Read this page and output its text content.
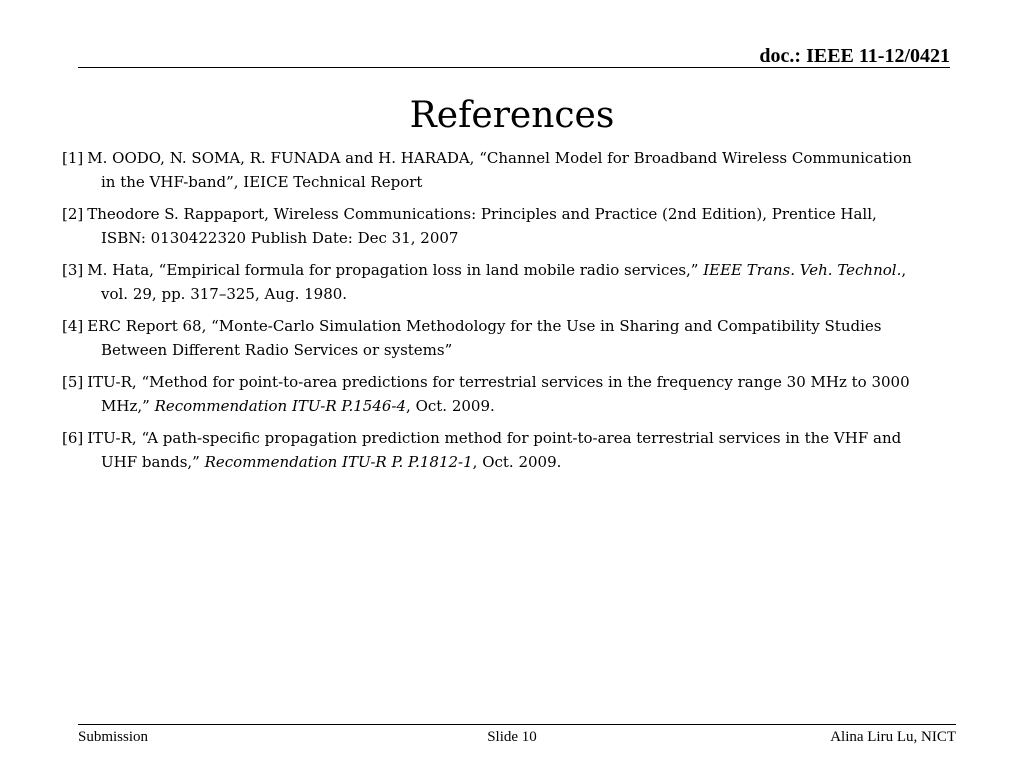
doc.: IEEE 11-12/0421
References
[1] M. OODO, N. SOMA, R. FUNADA and H. HARADA, “Channel Model for Broadband Wireless Communication in the VHF-band”, IEICE Technical Report
[2] Theodore S. Rappaport, Wireless Communications: Principles and Practice (2nd Edition), Prentice Hall, ISBN: 0130422320 Publish Date: Dec 31, 2007
[3] M. Hata, “Empirical formula for propagation loss in land mobile radio services,” IEEE Trans. Veh. Technol., vol. 29, pp. 317–325, Aug. 1980.
[4] ERC Report 68, “Monte-Carlo Simulation Methodology for the Use in Sharing and Compatibility Studies Between Different Radio Services or systems”
[5] ITU-R, “Method for point-to-area predictions for terrestrial services in the frequency range 30 MHz to 3000 MHz,” Recommendation ITU-R P.1546-4, Oct. 2009.
[6] ITU-R, “A path-specific propagation prediction method for point-to-area terrestrial services in the VHF and UHF bands,” Recommendation ITU-R P. P.1812-1, Oct. 2009.
Submission	Slide 10	Alina Liru Lu, NICT
